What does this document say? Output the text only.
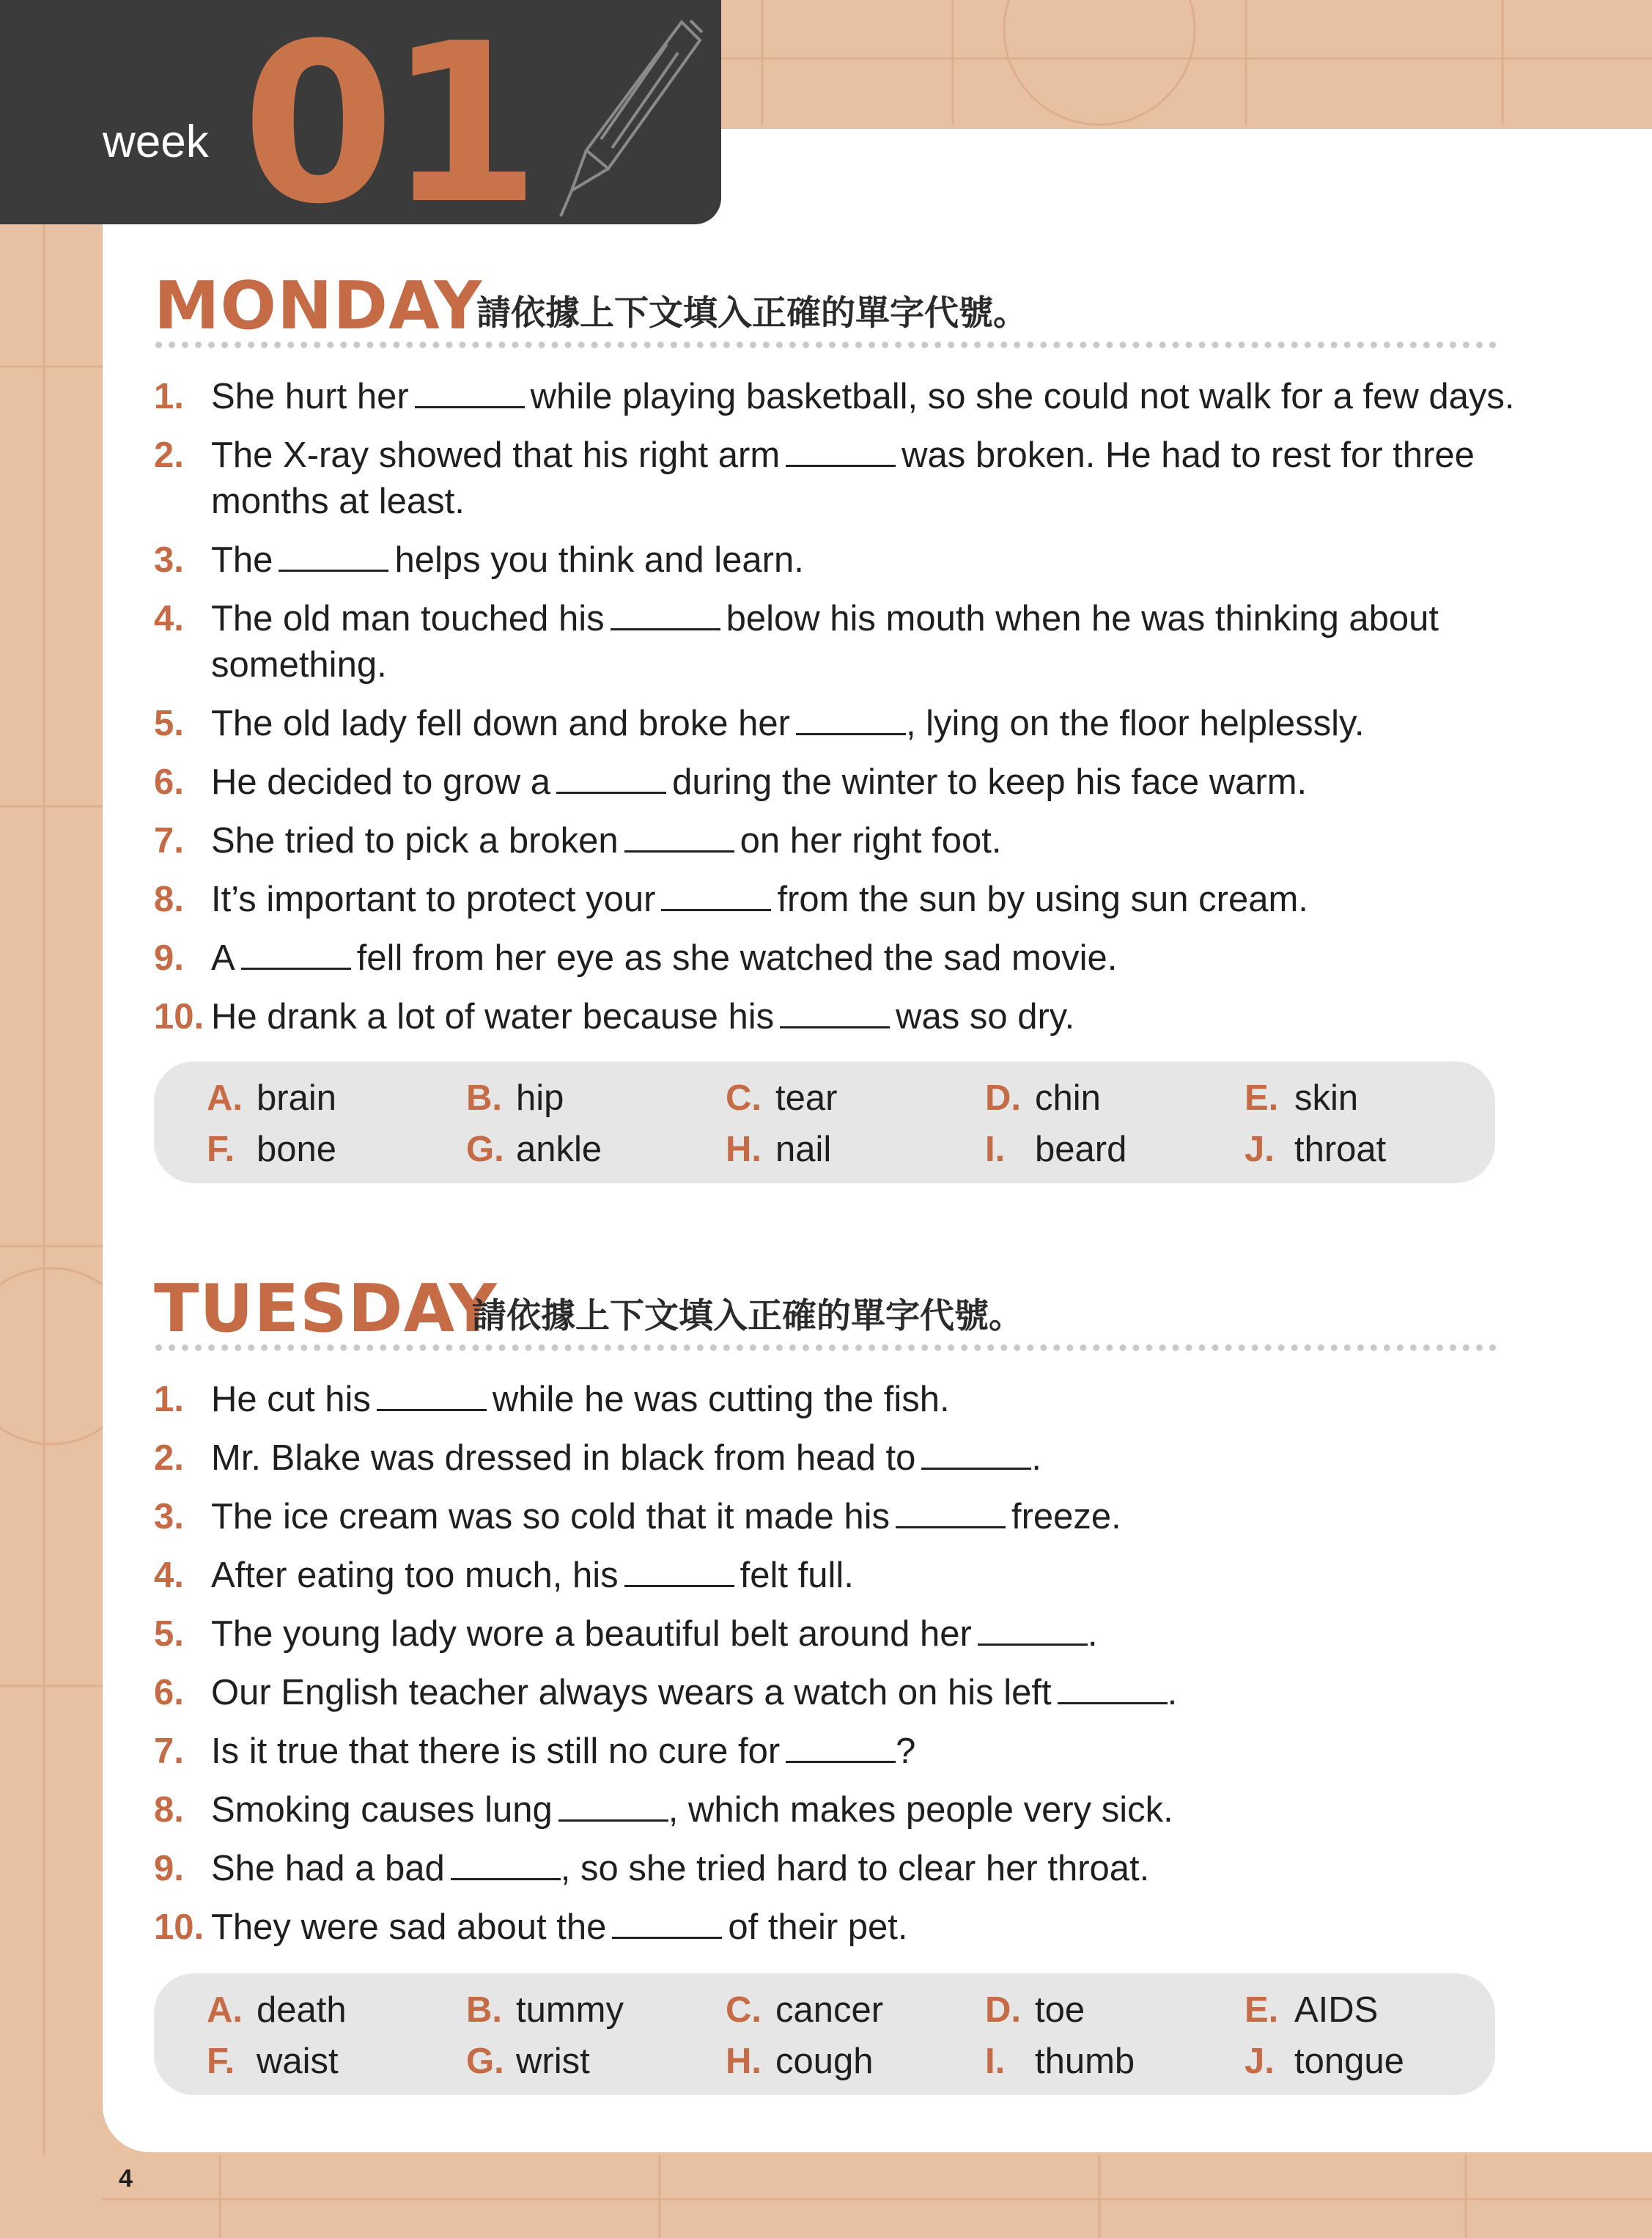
week 01
MONDAY
請依據上下文填入正確的單字代號。
1. She hurt her	while playing basketball, so she could not walk for a few days.
2. The X-ray showed that his right arm	was broken. He had to rest for three months at least.
3. The	helps you think and learn.
4. The old man touched his	below his mouth when he was thinking about something.
5. The old lady fell down and broke her	, lying on the floor helplessly.
6. He decided to grow a	during the winter to keep his face warm.
7. She tried to pick a broken	on her right foot.
8. It’s important to protect your	from the sun by using sun cream.
9. A	fell from her eye as she watched the sad movie.
10. He drank a lot of water because his	was so dry.
A. brain	B. hip	C. tear	D. chin	E. skin
F. bone	G. ankle	H. nail	I. beard	J. throat
TUESDAY
請依據上下文填入正確的單字代號。
1. He cut his	while he was cutting the fish.
2. Mr. Blake was dressed in black from head to	.
3. The ice cream was so cold that it made his	freeze.
4. After eating too much, his	felt full.
5. The young lady wore a beautiful belt around her	.
6. Our English teacher always wears a watch on his left	.
7. Is it true that there is still no cure for	?
8. Smoking causes lung	, which makes people very sick.
9. She had a bad	, so she tried hard to clear her throat.
10. They were sad about the	of their pet.
A. death	B. tummy	C. cancer	D. toe	E. AIDS
F. waist	G. wrist	H. cough	I. thumb	J. tongue
4
